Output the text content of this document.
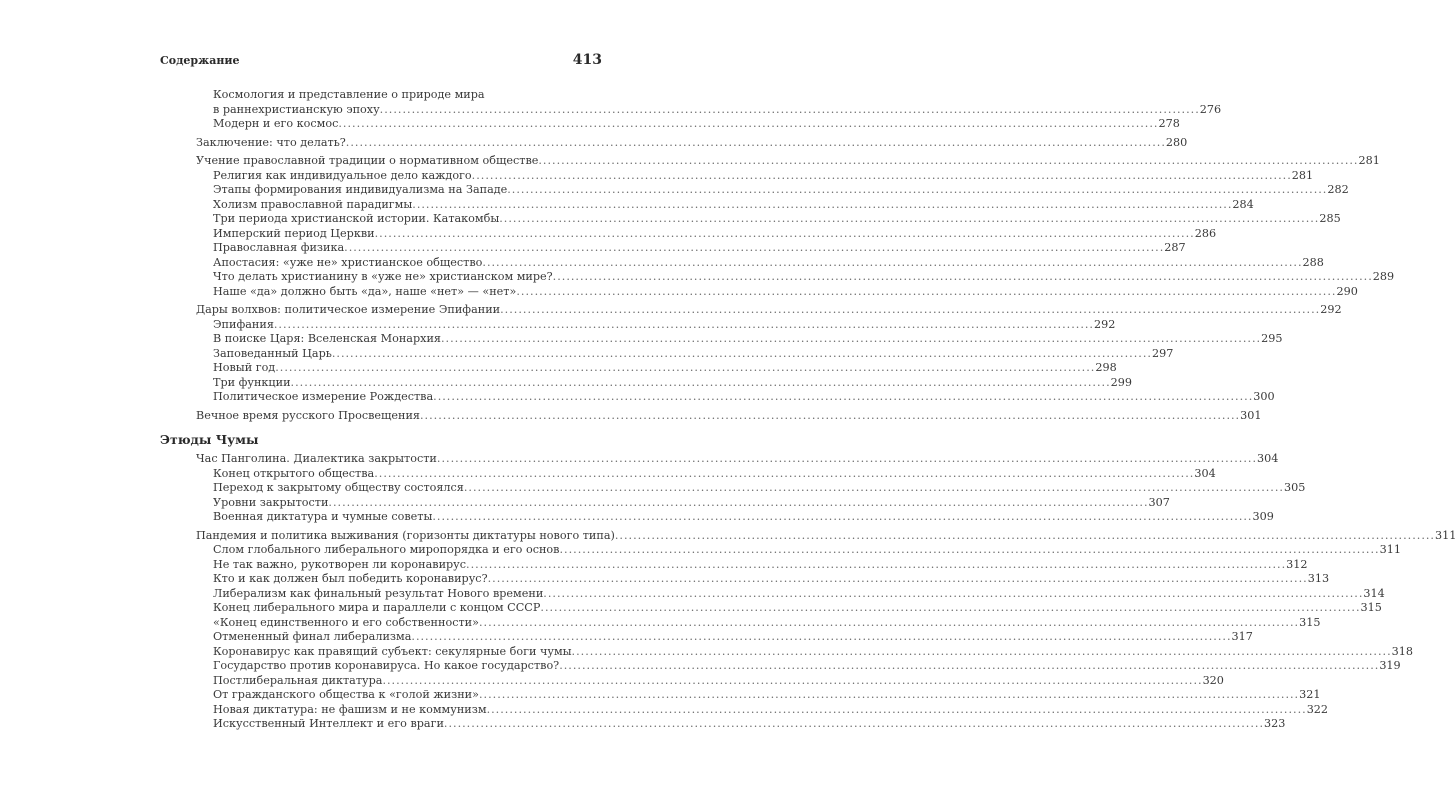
Содержание	413
Космология и представление о природе мира
в раннехристианскую эпоху .....	276
Модерн и его космос .....	278
Заключение: что делать? .....	280
Учение православной традиции о нормативном обществе .....	281
Религия как индивидуальное дело каждого .....	281
Этапы формирования индивидуализма на Западе .....	282
Холизм православной парадигмы .....	284
Три периода христианской истории. Катакомбы .....	285
Имперский период Церкви .....	286
Православная физика .....	287
Апостасия: «уже не» христианское общество .....	288
Что делать христианину в «уже не» христианском мире? .....	289
Наше «да» должно быть «да», наше «нет» — «нет» .....	290
Дары волхвов: политическое измерение Эпифании .....	292
Эпифания .....	292
В поиске Царя: Вселенская Монархия .....	295
Заповеданный Царь .....	297
Новый год .....	298
Три функции .....	299
Политическое измерение Рождества .....	300
Вечное время русского Просвещения .....	301
Этюды Чумы
Час Панголина. Диалектика закрытости .....	304
Конец открытого общества .....	304
Переход к закрытому обществу состоялся .....	305
Уровни закрытости .....	307
Военная диктатура и чумные советы .....	309
Пандемия и политика выживания (горизонты диктатуры нового типа) .....	311
Слом глобального либерального миропорядка и его основ .....	311
Не так важно, рукотворен ли коронавирус .....	312
Кто и как должен был победить коронавирус? .....	313
Либерализм как финальный результат Нового времени .....	314
Конец либерального мира и параллели с концом СССР .....	315
«Конец единственного и его собственности» .....	315
Отмененный финал либерализма .....	317
Коронавирус как правящий субъект: секулярные боги чумы .....	318
Государство против коронавируса. Но какое государство? .....	319
Постлиберальная диктатура .....	320
От гражданского общества к «голой жизни» .....	321
Новая диктатура: не фашизм и не коммунизм .....	322
Искусственный Интеллект и его враги .....	323
